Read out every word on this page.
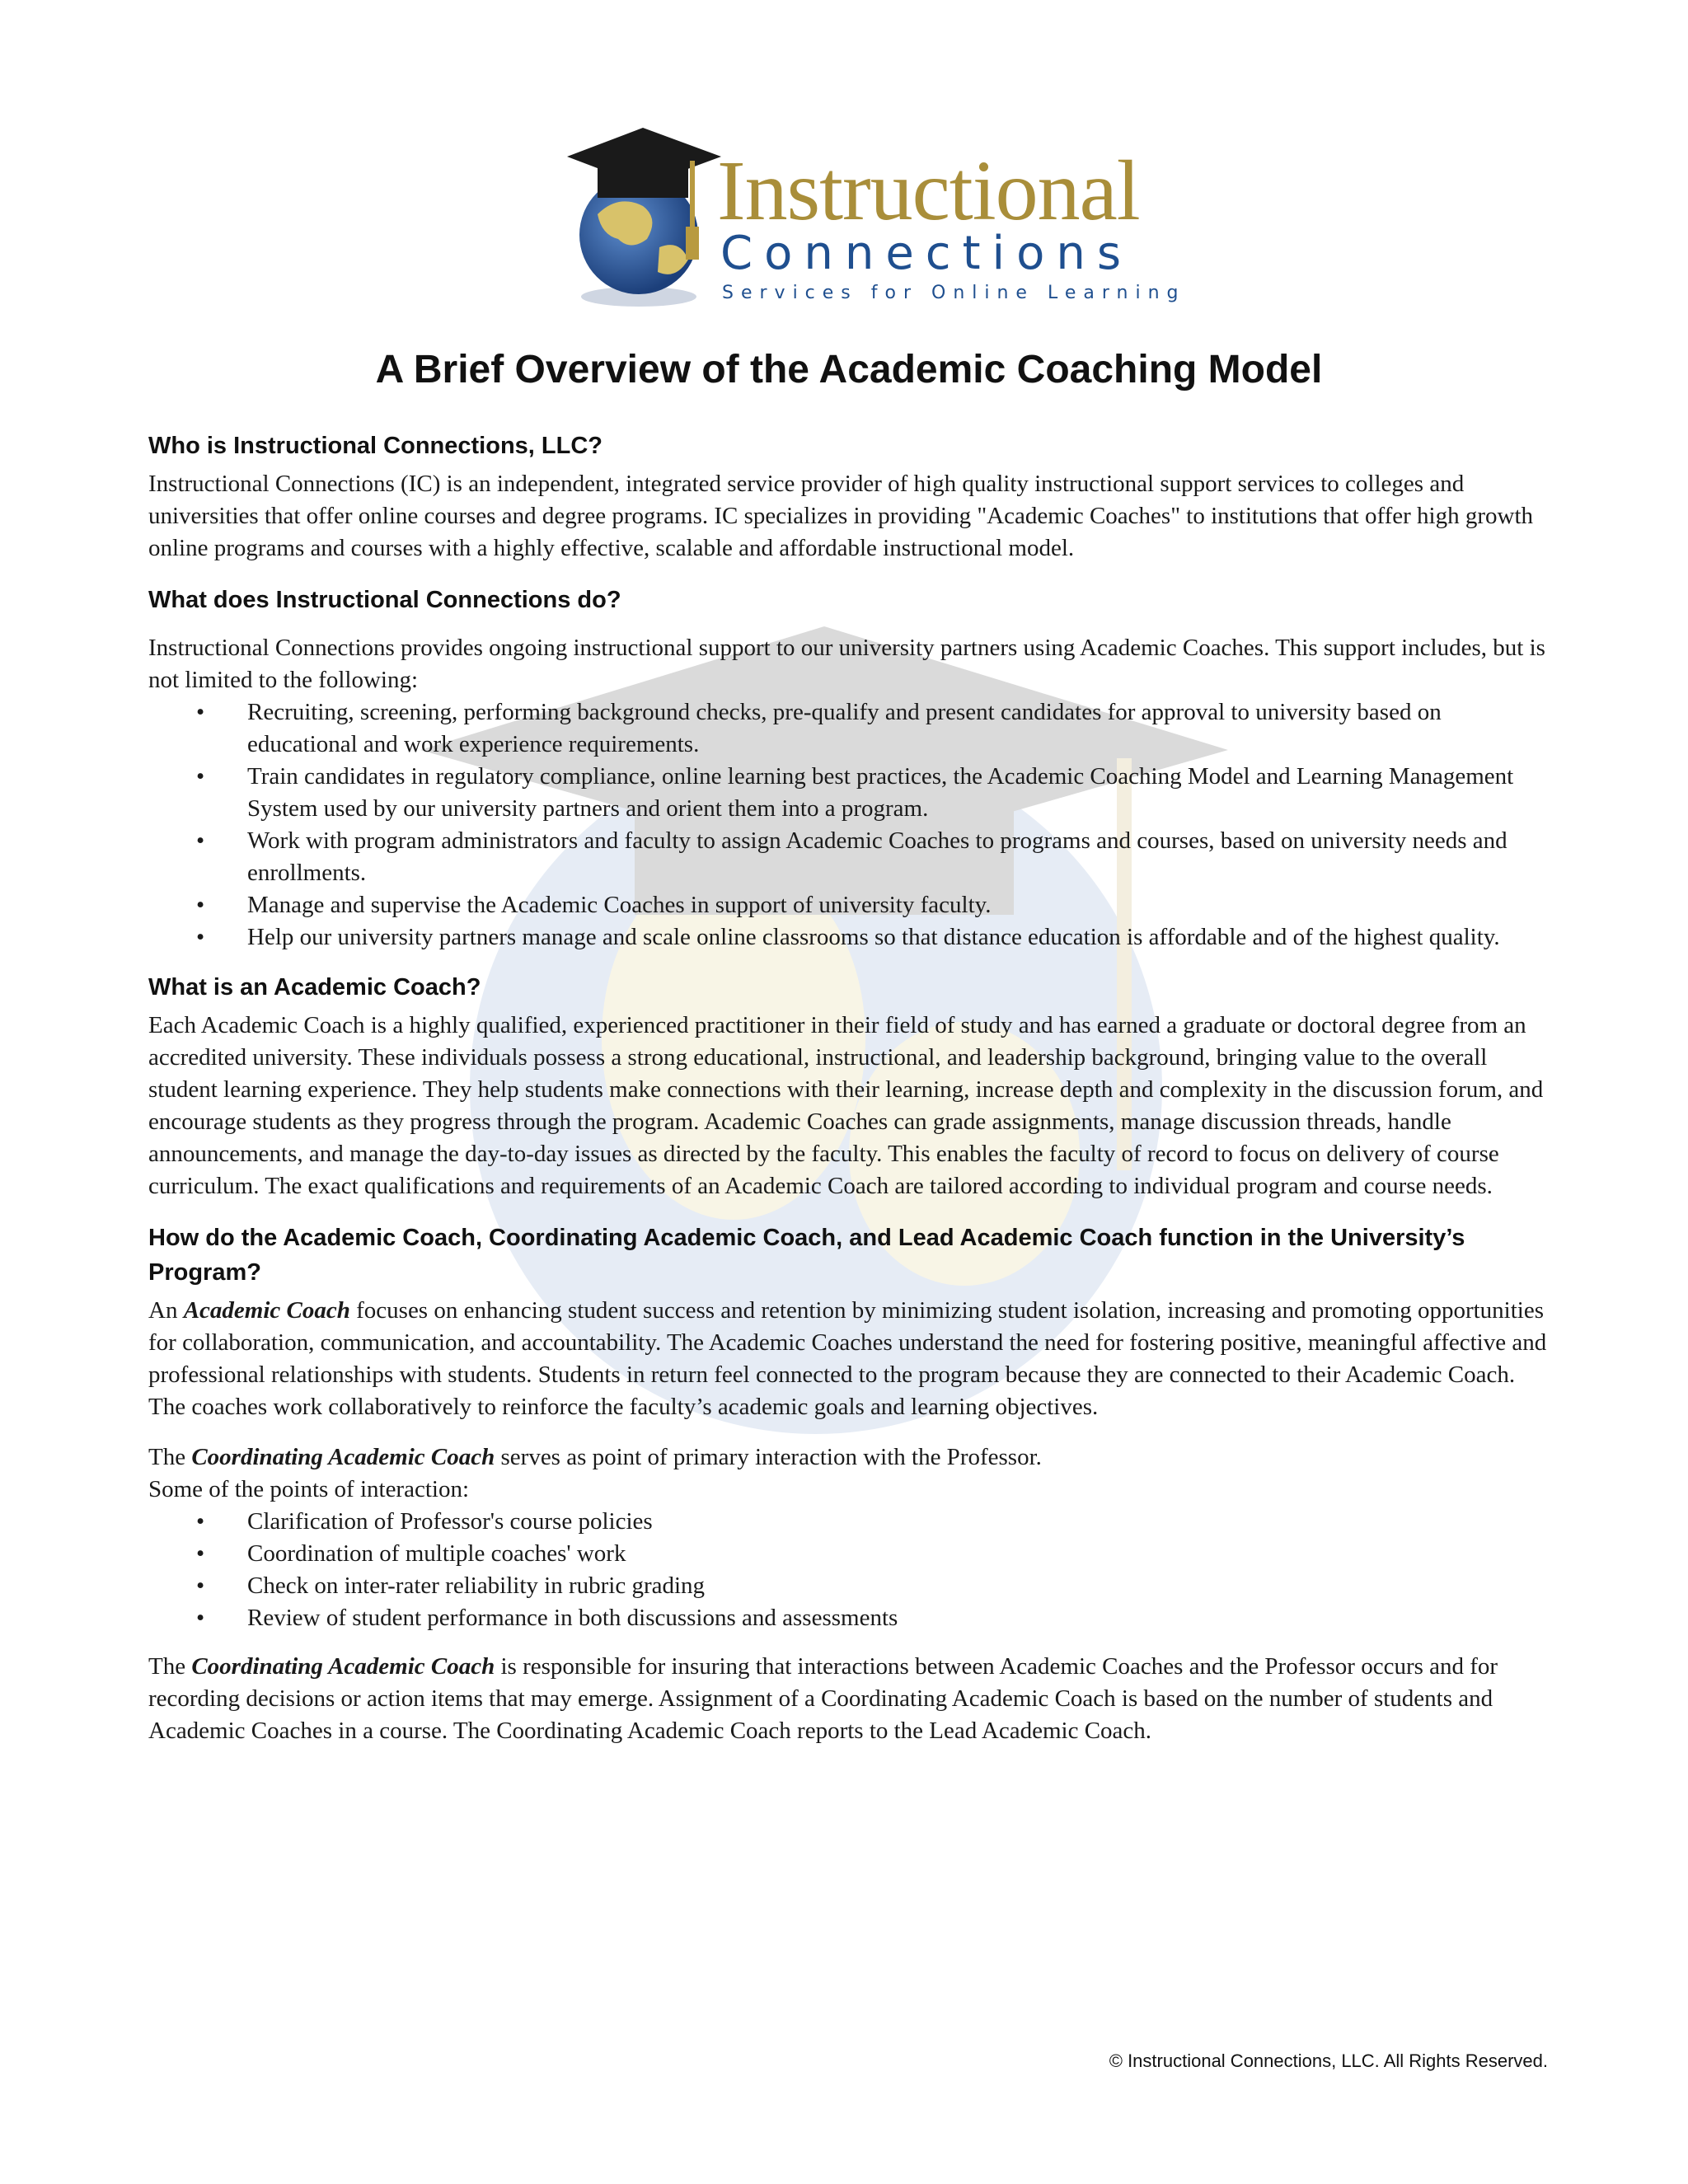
Instructional
Connections
Services for Online Learning
A Brief Overview of the Academic Coaching Model
Who is Instructional Connections, LLC?

Instructional Connections (IC) is an independent, integrated service provider of high quality instructional support services to colleges and universities that offer online courses and degree programs. IC specializes in providing "Academic Coaches" to institutions that offer high growth online programs and courses with a highly effective, scalable and affordable instructional model.

What does Instructional Connections do?

Instructional Connections provides ongoing instructional support to our university partners using Academic Coaches. This support includes, but is not limited to the following:

• Recruiting, screening, performing background checks, pre-qualify and present candidates for approval to university based on educational and work experience requirements.
• Train candidates in regulatory compliance, online learning best practices, the Academic Coaching Model and Learning Management System used by our university partners and orient them into a program.
• Work with program administrators and faculty to assign Academic Coaches to programs and courses, based on university needs and enrollments.
• Manage and supervise the Academic Coaches in support of university faculty.
• Help our university partners manage and scale online classrooms so that distance education is affordable and of the highest quality.
What is an Academic Coach?

Each Academic Coach is a highly qualified, experienced practitioner in their field of study and has earned a graduate or doctoral degree from an accredited university. These individuals possess a strong educational, instructional, and leadership background, bringing value to the overall student learning experience. They help students make connections with their learning, increase depth and complexity in the discussion forum, and encourage students as they progress through the program. Academic Coaches can grade assignments, manage discussion threads, handle announcements, and manage the day-to-day issues as directed by the faculty. This enables the faculty of record to focus on delivery of course curriculum. The exact qualifications and requirements of an Academic Coach are tailored according to individual program and course needs.

How do the Academic Coach, Coordinating Academic Coach, and Lead Academic Coach function in the University’s Program?

An Academic Coach focuses on enhancing student success and retention by minimizing student isolation, increasing and promoting opportunities for collaboration, communication, and accountability. The Academic Coaches understand the need for fostering positive, meaningful affective and professional relationships with students. Students in return feel connected to the program because they are connected to their Academic Coach. The coaches work collaboratively to reinforce the faculty’s academic goals and learning objectives.

The Coordinating Academic Coach serves as point of primary interaction with the Professor.
Some of the points of interaction:

• Clarification of Professor's course policies
• Coordination of multiple coaches' work
• Check on inter-rater reliability in rubric grading
• Review of student performance in both discussions and assessments

The Coordinating Academic Coach is responsible for insuring that interactions between Academic Coaches and the Professor occurs and for recording decisions or action items that may emerge. Assignment of a Coordinating Academic Coach is based on the number of students and Academic Coaches in a course. The Coordinating Academic Coach reports to the Lead Academic Coach.

© Instructional Connections, LLC. All Rights Reserved.
